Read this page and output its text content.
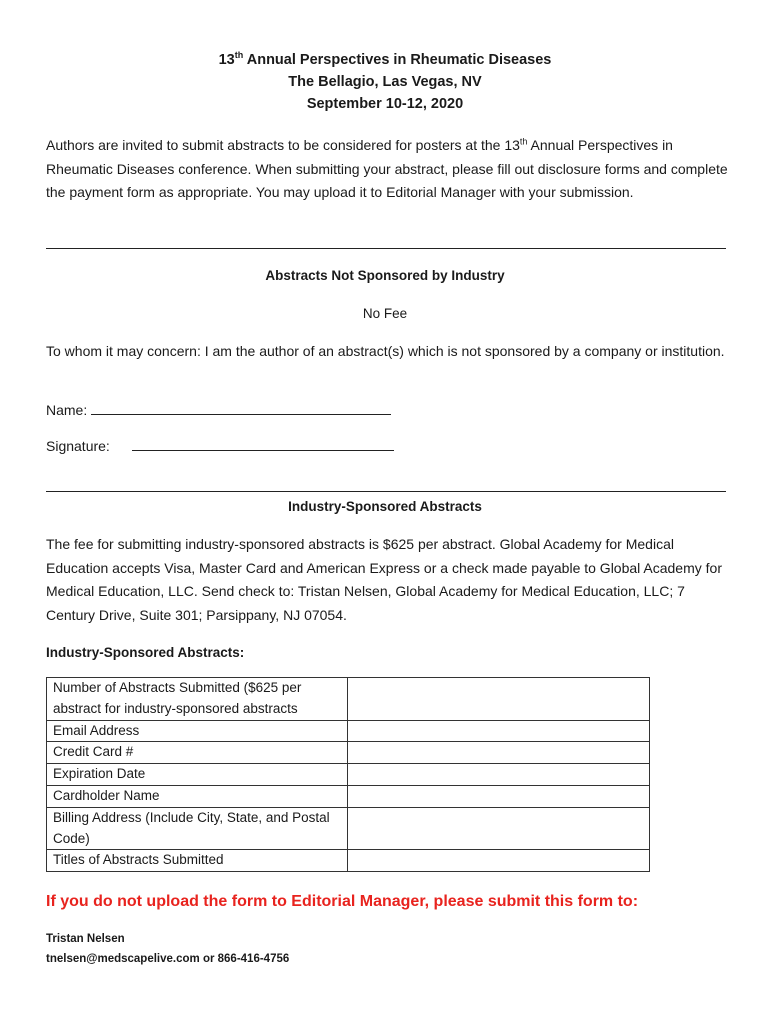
13th Annual Perspectives in Rheumatic Diseases
The Bellagio, Las Vegas, NV
September 10-12, 2020
Authors are invited to submit abstracts to be considered for posters at the 13th Annual Perspectives in Rheumatic Diseases conference. When submitting your abstract, please fill out disclosure forms and complete the payment form as appropriate. You may upload it to Editorial Manager with your submission.
Abstracts Not Sponsored by Industry
No Fee
To whom it may concern: I am the author of an abstract(s) which is not sponsored by a company or institution.
Name:
Signature:
Industry-Sponsored Abstracts
The fee for submitting industry-sponsored abstracts is $625 per abstract. Global Academy for Medical Education accepts Visa, Master Card and American Express or a check made payable to Global Academy for Medical Education, LLC. Send check to: Tristan Nelsen, Global Academy for Medical Education, LLC; 7 Century Drive, Suite 301; Parsippany, NJ 07054.
Industry-Sponsored Abstracts:
Number of Abstracts Submitted ($625 per abstract for industry-sponsored abstracts	
Email Address	
Credit Card #	
Expiration Date	
Cardholder Name	
Billing Address (Include City, State, and Postal Code)	
Titles of Abstracts Submitted	
If you do not upload the form to Editorial Manager, please submit this form to:
Tristan Nelsen
tnelsen@medscapelive.com or 866-416-4756
